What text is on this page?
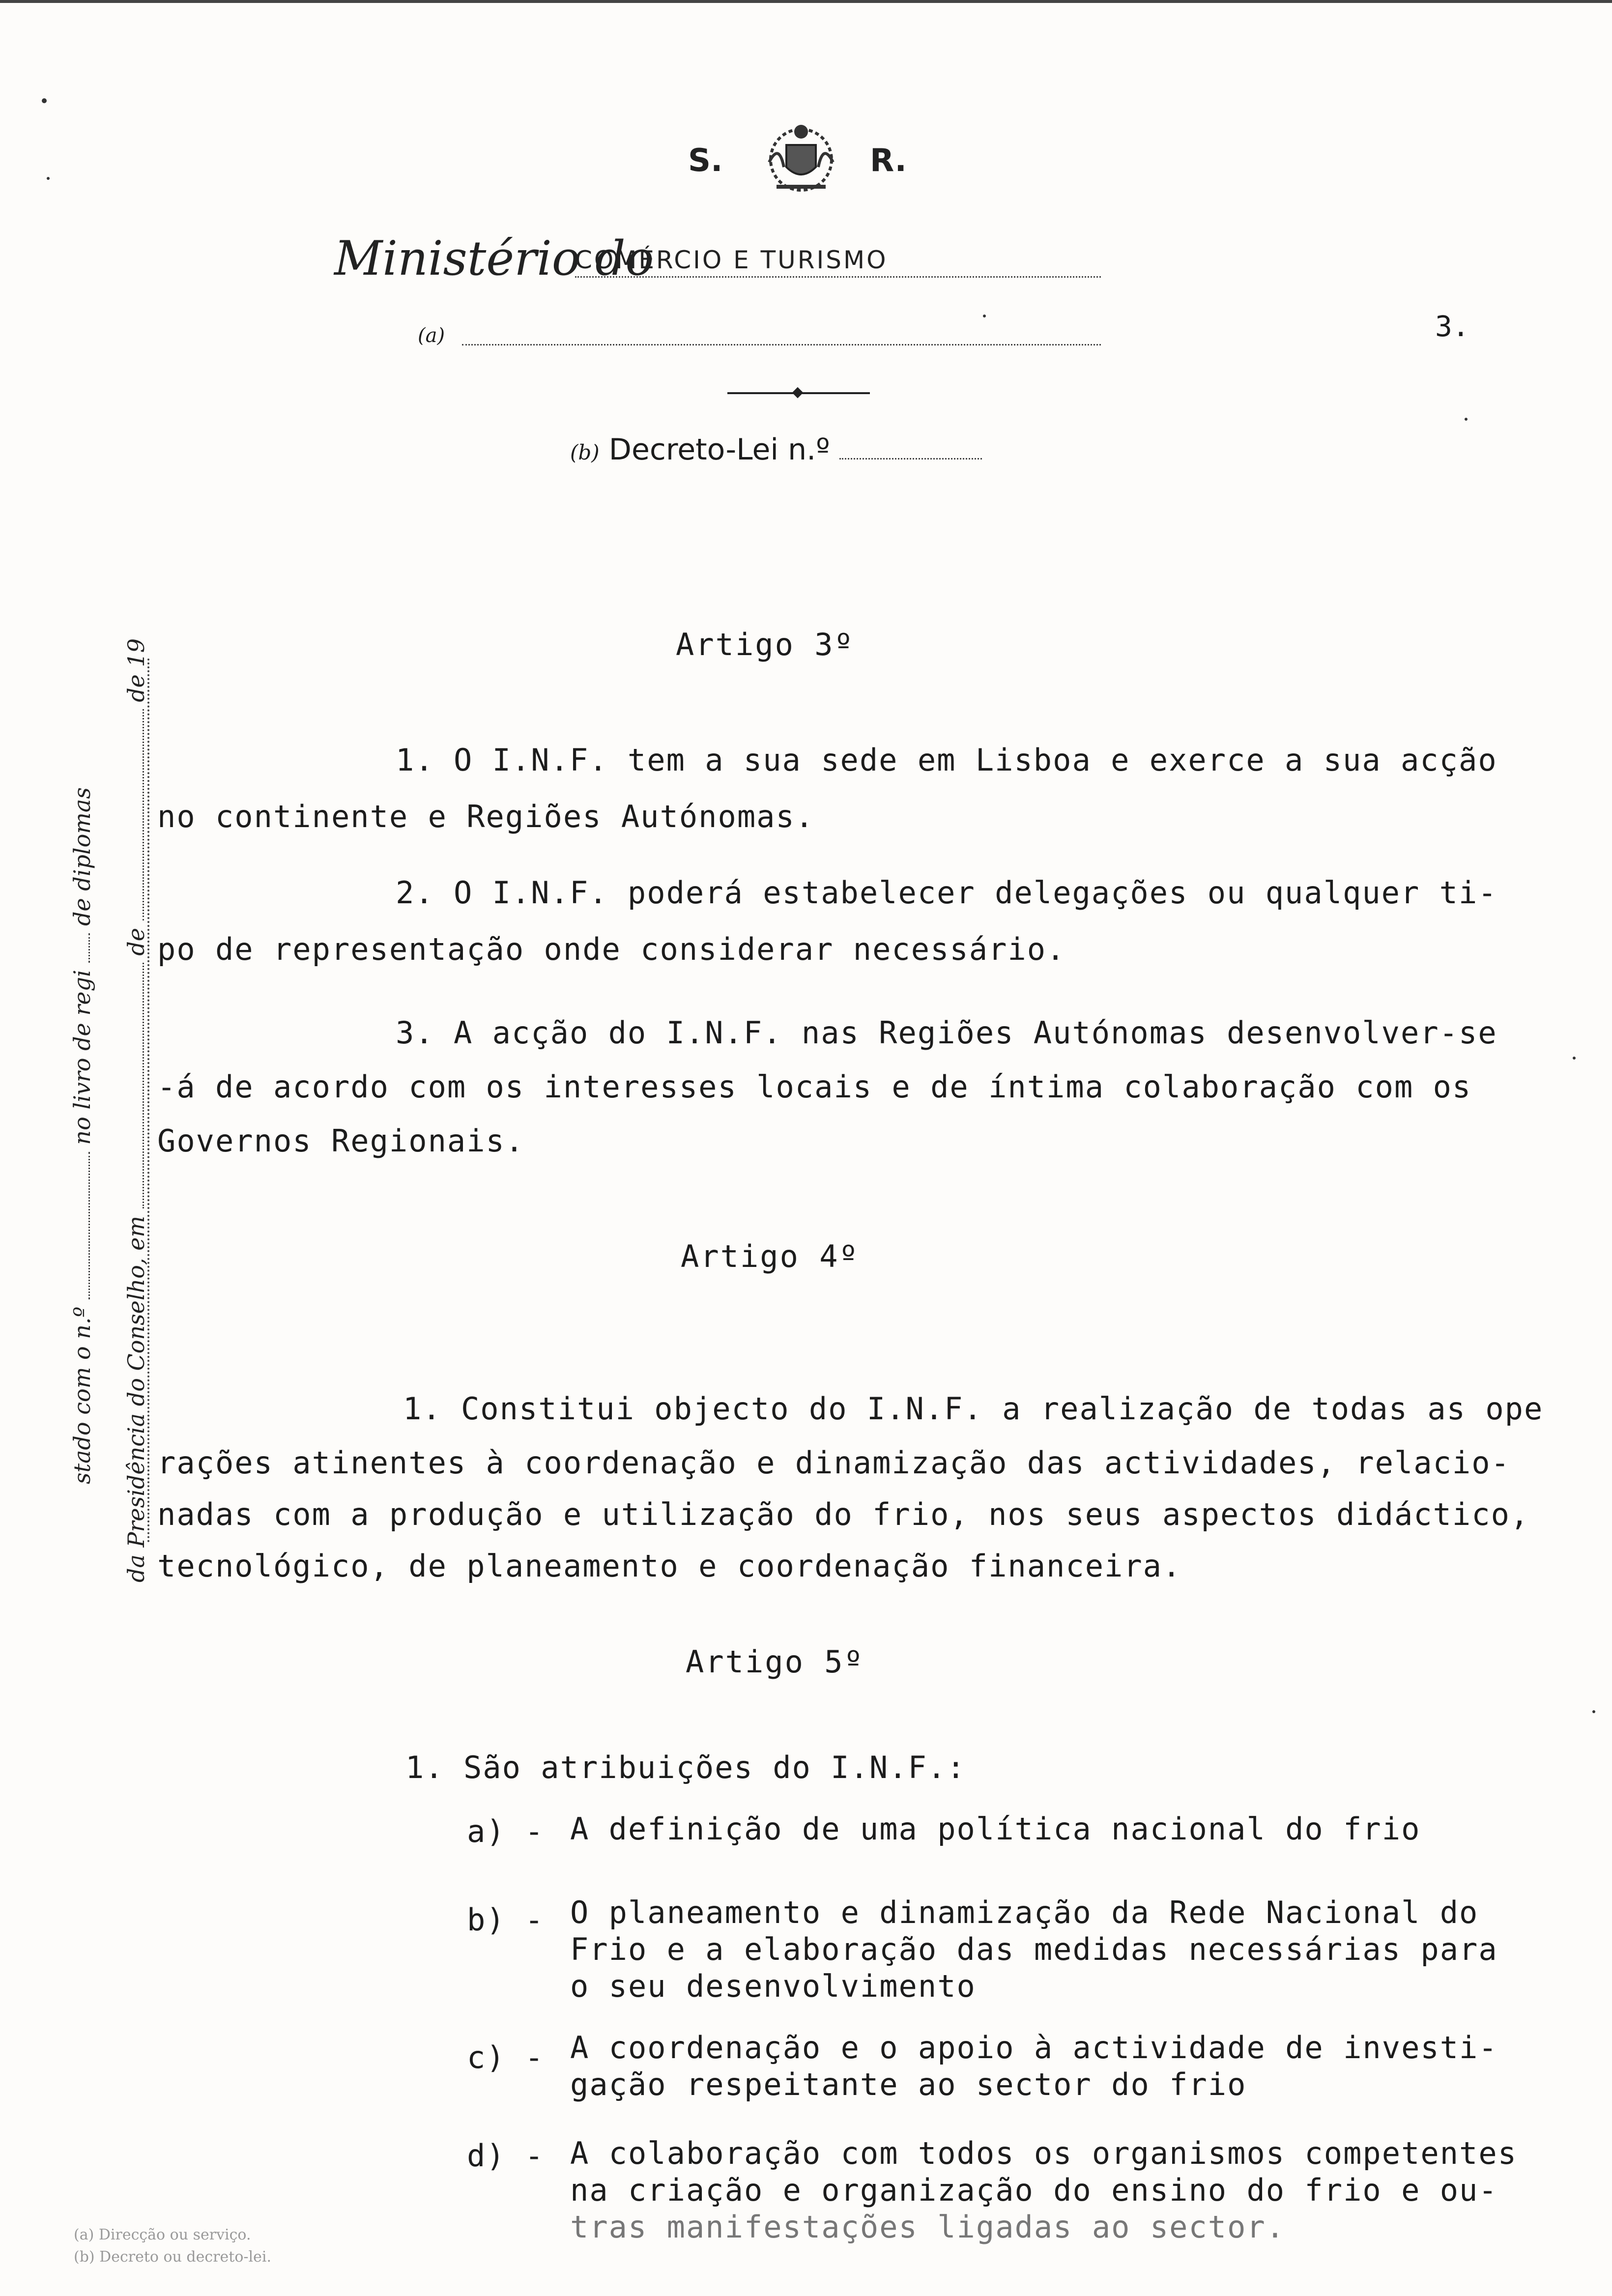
S.	R.
Ministério do
COMÉRCIO E TURISMO
(a)	3.
(b) Decreto-Lei n.º
stado com o n.º  no livro de regi  de diplomas
da Presidência do Conselho, em  de  de 19	Artigo 3º
1. O I.N.F. tem a sua sede em Lisboa e exerce a sua acção
no continente e Regiões Autónomas.
2. O I.N.F. poderá estabelecer delegações ou qualquer ti-
po de representação onde considerar necessário.
3. A acção do I.N.F. nas Regiões Autónomas desenvolver-se
-á de acordo com os interesses locais e de íntima colaboração com os
Governos Regionais.
Artigo 4º
1. Constitui objecto do I.N.F. a realização de todas as ope
rações atinentes à coordenação e dinamização das actividades, relacio-
nadas com a produção e utilização do frio, nos seus aspectos didáctico,
tecnológico, de planeamento e coordenação financeira.
Artigo 5º
1. São atribuições do I.N.F.:
a) - A definição de uma política nacional do frio
b) - O planeamento e dinamização da Rede Nacional do
Frio e a elaboração das medidas necessárias para
o seu desenvolvimento
c) - A coordenação e o apoio à actividade de investi-
gação respeitante ao sector do frio
d) - A colaboração com todos os organismos competentes
na criação e organização do ensino do frio e ou-
tras manifestações ligadas ao sector.
(a) Direcção ou serviço.
(b) Decreto ou decreto-lei.
